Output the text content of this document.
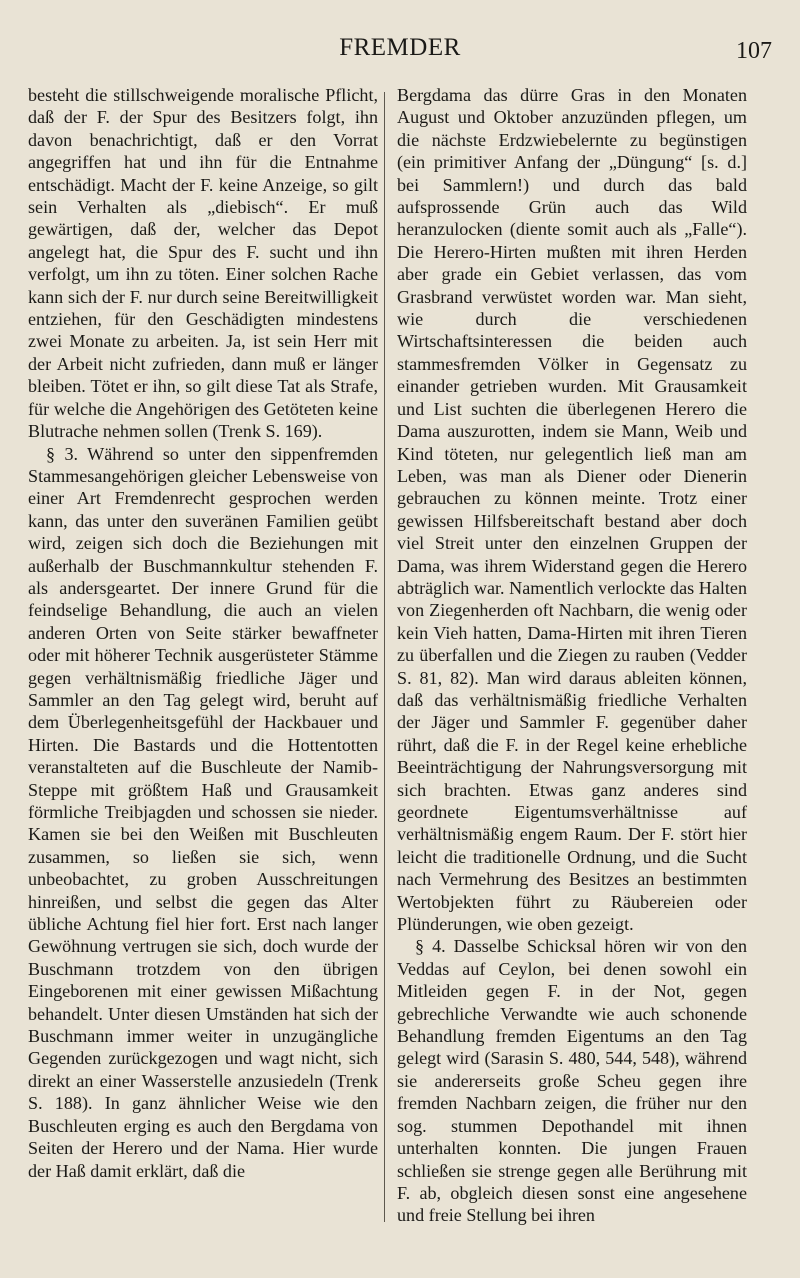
FREMDER	107

besteht die stillschweigende moralische Pflicht, daß der F. der Spur des Besitzers folgt, ihn davon benachrichtigt, daß er den Vorrat angegriffen hat und ihn für die Entnahme entschädigt. Macht der F. keine Anzeige, so gilt sein Verhalten als „diebisch“. Er muß gewärtigen, daß der, welcher das Depot angelegt hat, die Spur des F. sucht und ihn verfolgt, um ihn zu töten. Einer solchen Rache kann sich der F. nur durch seine Bereitwilligkeit entziehen, für den Geschädigten mindestens zwei Monate zu arbeiten. Ja, ist sein Herr mit der Arbeit nicht zufrieden, dann muß er länger bleiben. Tötet er ihn, so gilt diese Tat als Strafe, für welche die Angehörigen des Getöteten keine Blutrache nehmen sollen (Trenk S. 169).

§ 3. Während so unter den sippenfremden Stammesangehörigen gleicher Lebensweise von einer Art Fremdenrecht gesprochen werden kann, das unter den suveränen Familien geübt wird, zeigen sich doch die Beziehungen mit außerhalb der Buschmannkultur stehenden F. als andersgeartet. Der innere Grund für die feindselige Behandlung, die auch an vielen anderen Orten von Seite stärker bewaffneter oder mit höherer Technik ausgerüsteter Stämme gegen verhältnismäßig friedliche Jäger und Sammler an den Tag gelegt wird, beruht auf dem Überlegenheitsgefühl der Hackbauer und Hirten. Die Bastards und die Hottentotten veranstalteten auf die Buschleute der Namib-Steppe mit größtem Haß und Grausamkeit förmliche Treibjagden und schossen sie nieder. Kamen sie bei den Weißen mit Buschleuten zusammen, so ließen sie sich, wenn unbeobachtet, zu groben Ausschreitungen hinreißen, und selbst die gegen das Alter übliche Achtung fiel hier fort. Erst nach langer Gewöhnung vertrugen sie sich, doch wurde der Buschmann trotzdem von den übrigen Eingeborenen mit einer gewissen Mißachtung behandelt. Unter diesen Umständen hat sich der Buschmann immer weiter in unzugängliche Gegenden zurückgezogen und wagt nicht, sich direkt an einer Wasserstelle anzusiedeln (Trenk S. 188). In ganz ähnlicher Weise wie den Buschleuten erging es auch den Bergdama von Seiten der Herero und der Nama. Hier wurde der Haß damit erklärt, daß die

Bergdama das dürre Gras in den Monaten August und Oktober anzuzünden pflegen, um die nächste Erdzwiebelernte zu begünstigen (ein primitiver Anfang der „Düngung“ [s. d.] bei Sammlern!) und durch das bald aufsprossende Grün auch das Wild heranzulocken (diente somit auch als „Falle“). Die Herero-Hirten mußten mit ihren Herden aber grade ein Gebiet verlassen, das vom Grasbrand verwüstet worden war. Man sieht, wie durch die verschiedenen Wirtschaftsinteressen die beiden auch stammesfremden Völker in Gegensatz zu einander getrieben wurden. Mit Grausamkeit und List suchten die überlegenen Herero die Dama auszurotten, indem sie Mann, Weib und Kind töteten, nur gelegentlich ließ man am Leben, was man als Diener oder Dienerin gebrauchen zu können meinte. Trotz einer gewissen Hilfsbereitschaft bestand aber doch viel Streit unter den einzelnen Gruppen der Dama, was ihrem Widerstand gegen die Herero abträglich war. Namentlich verlockte das Halten von Ziegenherden oft Nachbarn, die wenig oder kein Vieh hatten, Dama-Hirten mit ihren Tieren zu überfallen und die Ziegen zu rauben (Vedder S. 81, 82). Man wird daraus ableiten können, daß das verhältnismäßig friedliche Verhalten der Jäger und Sammler F. gegenüber daher rührt, daß die F. in der Regel keine erhebliche Beeinträchtigung der Nahrungsversorgung mit sich brachten. Etwas ganz anderes sind geordnete Eigentumsverhältnisse auf verhältnismäßig engem Raum. Der F. stört hier leicht die traditionelle Ordnung, und die Sucht nach Vermehrung des Besitzes an bestimmten Wertobjekten führt zu Räubereien oder Plünderungen, wie oben gezeigt.

§ 4. Dasselbe Schicksal hören wir von den Veddas auf Ceylon, bei denen sowohl ein Mitleiden gegen F. in der Not, gegen gebrechliche Verwandte wie auch schonende Behandlung fremden Eigentums an den Tag gelegt wird (Sarasin S. 480, 544, 548), während sie andererseits große Scheu gegen ihre fremden Nachbarn zeigen, die früher nur den sog. stummen Depothandel mit ihnen unterhalten konnten. Die jungen Frauen schließen sie strenge gegen alle Berührung mit F. ab, obgleich diesen sonst eine angesehene und freie Stellung bei ihren
